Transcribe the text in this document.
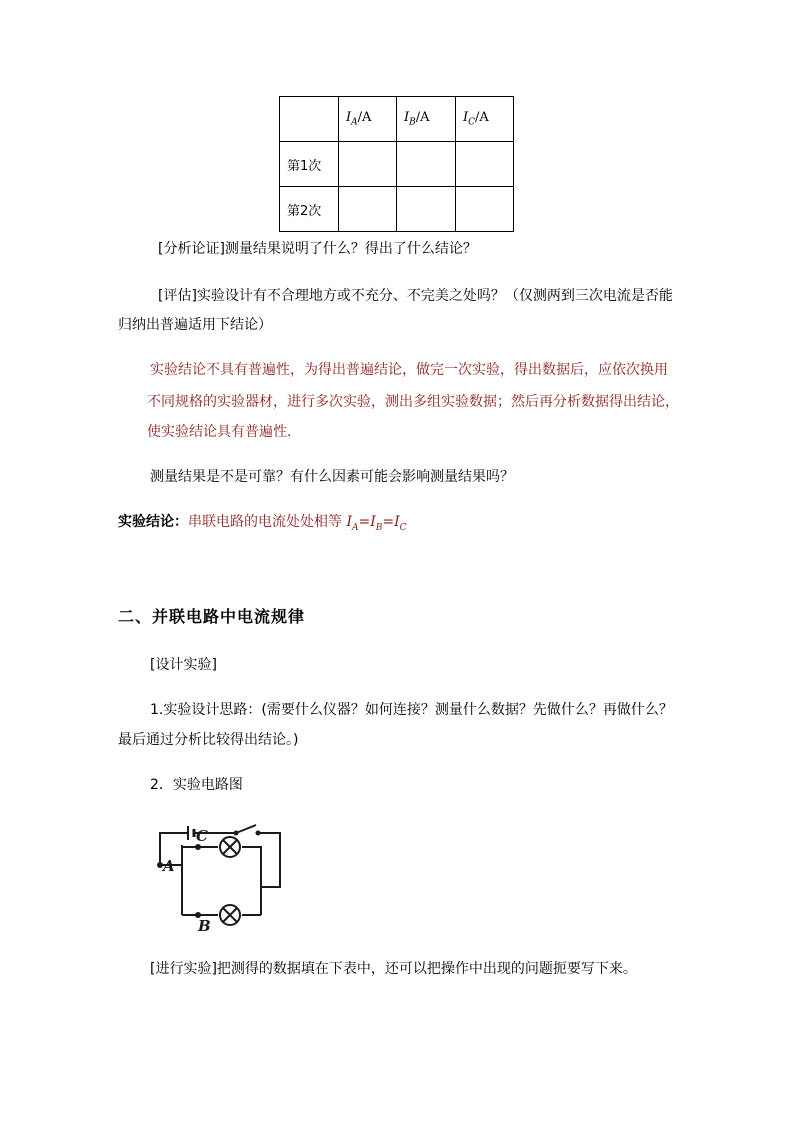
	$I_A/A$	$I_B/A$	$I_C/A$
第1次			
第2次			
[分析论证]测量结果说明了什么？得出了什么结论？
[评估]实验设计有不合理地方或不充分、不完美之处吗？（仅测两到三次电流是否能
归纳出普遍适用下结论）
实验结论不具有普遍性，为得出普遍结论，做完一次实验，得出数据后，应依次换用
不同规格的实验器材，进行多次实验，测出多组实验数据；然后再分析数据得出结论，
使实验结论具有普遍性.
测量结果是不是可靠？有什么因素可能会影响测量结果吗？
实验结论：串联电路的电流处处相等 $I_A=I_B=I_C$
二、并联电路中电流规律
[设计实验]
1.实验设计思路：(需要什么仪器？如何连接？测量什么数据？先做什么？再做什么？
最后通过分析比较得出结论。)
2．实验电路图
A
C
B
[进行实验]把测得的数据填在下表中，还可以把操作中出现的问题扼要写下来。
